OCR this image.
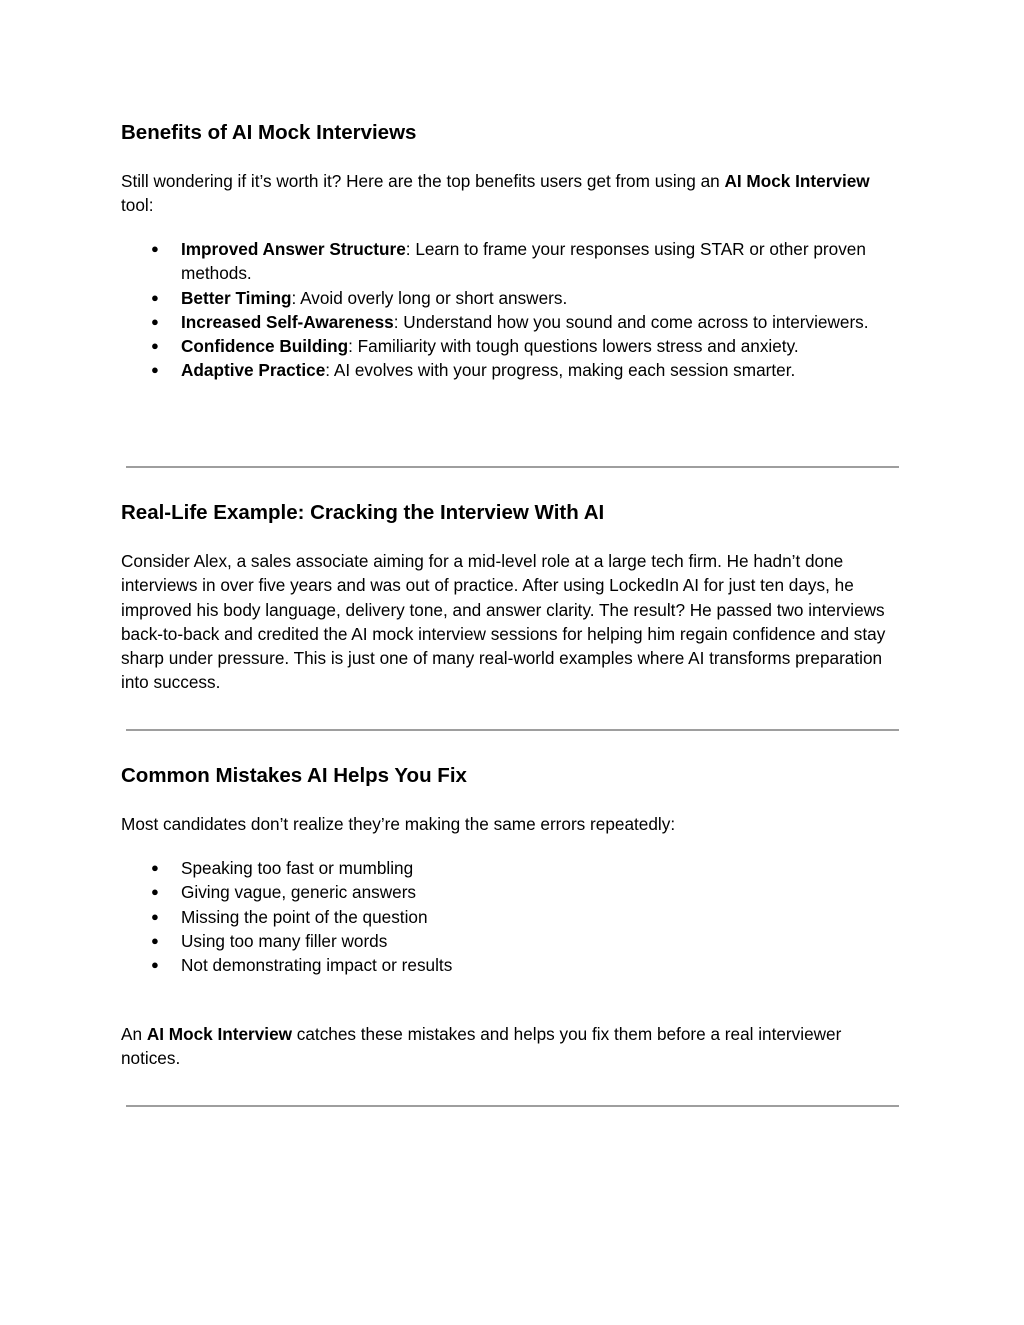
Benefits of AI Mock Interviews

Still wondering if it’s worth it? Here are the top benefits users get from using an AI Mock Interview tool:

● Improved Answer Structure: Learn to frame your responses using STAR or other proven methods.
● Better Timing: Avoid overly long or short answers.
● Increased Self-Awareness: Understand how you sound and come across to interviewers.
● Confidence Building: Familiarity with tough questions lowers stress and anxiety.
● Adaptive Practice: AI evolves with your progress, making each session smarter.
Real-Life Example: Cracking the Interview With AI

Consider Alex, a sales associate aiming for a mid-level role at a large tech firm. He hadn’t done interviews in over five years and was out of practice. After using LockedIn AI for just ten days, he improved his body language, delivery tone, and answer clarity. The result? He passed two interviews back-to-back and credited the AI mock interview sessions for helping him regain confidence and stay sharp under pressure. This is just one of many real-world examples where AI transforms preparation into success.

Common Mistakes AI Helps You Fix

Most candidates don’t realize they’re making the same errors repeatedly:

● Speaking too fast or mumbling
● Giving vague, generic answers
● Missing the point of the question
● Using too many filler words
● Not demonstrating impact or results

An AI Mock Interview catches these mistakes and helps you fix them before a real interviewer notices.
